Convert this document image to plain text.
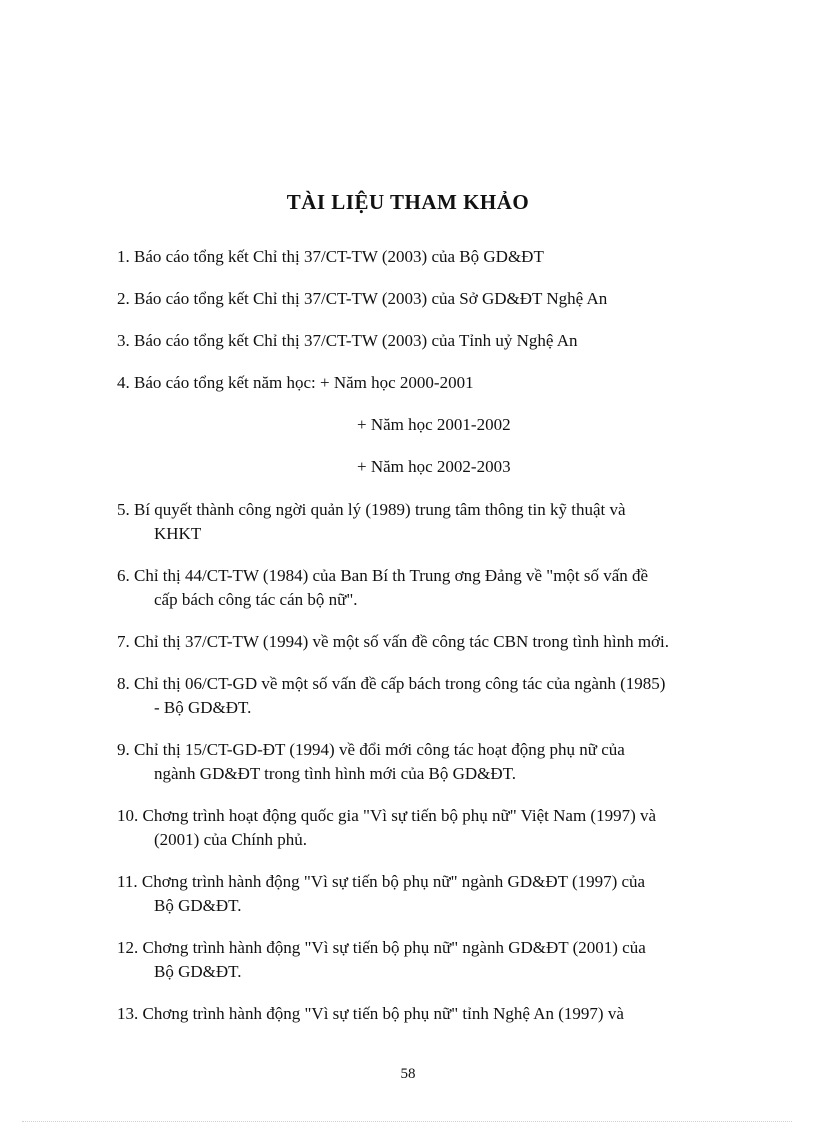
TÀI LIỆU THAM KHẢO

1. Báo cáo tổng kết Chỉ thị 37/CT-TW (2003) của Bộ GD&ĐT

2. Báo cáo tổng kết Chỉ thị 37/CT-TW (2003) của Sở GD&ĐT Nghệ An

3. Báo cáo tổng kết Chỉ thị 37/CT-TW (2003) của Tỉnh uỷ Nghệ An

4. Báo cáo tổng kết năm học: + Năm học 2000-2001

+ Năm học 2001-2002

+ Năm học 2002-2003

5. Bí quyết thành công ngời quản lý (1989) trung tâm thông tin kỹ thuật và
KHKT

6. Chỉ thị 44/CT-TW (1984) của Ban Bí th Trung ơng Đảng về "một số vấn đề
cấp bách công tác cán bộ nữ".

7. Chỉ thị 37/CT-TW (1994) về một số vấn đề công tác CBN trong tình hình mới.

8. Chỉ thị 06/CT-GD về một số vấn đề cấp bách trong công tác của ngành (1985)
- Bộ GD&ĐT.

9. Chỉ thị 15/CT-GD-ĐT (1994) về đổi mới công tác hoạt động phụ nữ của
ngành GD&ĐT trong tình hình mới của Bộ GD&ĐT.

10. Chơng trình hoạt động quốc gia "Vì sự tiến bộ phụ nữ" Việt Nam (1997) và
(2001) của Chính phủ.

11. Chơng trình hành động "Vì sự tiến bộ phụ nữ" ngành GD&ĐT (1997) của
Bộ GD&ĐT.

12. Chơng trình hành động "Vì sự tiến bộ phụ nữ" ngành GD&ĐT (2001) của
Bộ GD&ĐT.

13. Chơng trình hành động "Vì sự tiến bộ phụ nữ" tỉnh Nghệ An (1997) và

58
